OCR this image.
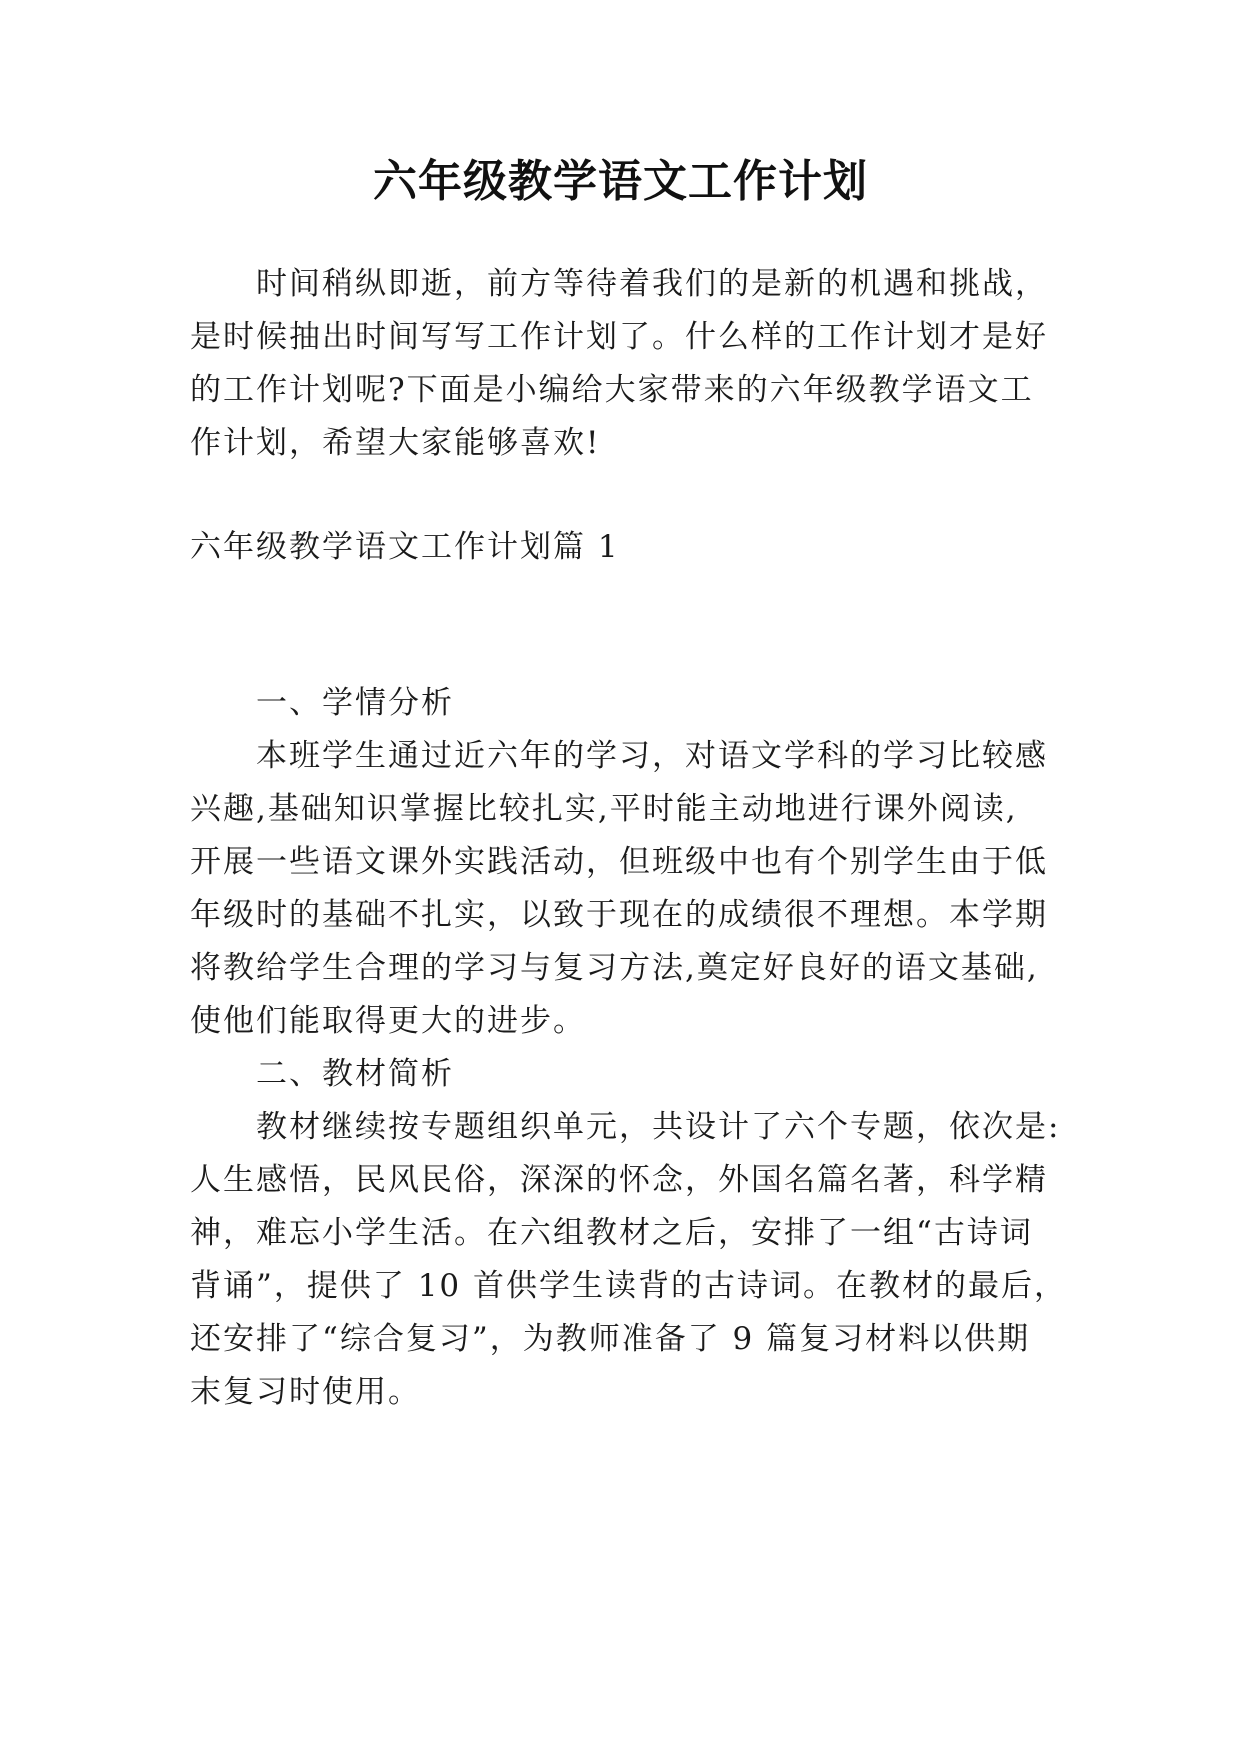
六年级教学语文工作计划
时间稍纵即逝，前方等待着我们的是新的机遇和挑战，
是时候抽出时间写写工作计划了。什么样的工作计划才是好
的工作计划呢?下面是小编给大家带来的六年级教学语文工
作计划，希望大家能够喜欢!
六年级教学语文工作计划篇 1
一、学情分析
本班学生通过近六年的学习，对语文学科的学习比较感
兴趣,基础知识掌握比较扎实,平时能主动地进行课外阅读,
开展一些语文课外实践活动，但班级中也有个别学生由于低
年级时的基础不扎实，以致于现在的成绩很不理想。本学期
将教给学生合理的学习与复习方法,奠定好良好的语文基础,
使他们能取得更大的进步。
二、教材简析
教材继续按专题组织单元，共设计了六个专题，依次是:
人生感悟，民风民俗，深深的怀念，外国名篇名著，科学精
神，难忘小学生活。在六组教材之后，安排了一组“古诗词
背诵”，提供了 10 首供学生读背的古诗词。在教材的最后，
还安排了“综合复习”，为教师准备了 9 篇复习材料以供期
末复习时使用。
